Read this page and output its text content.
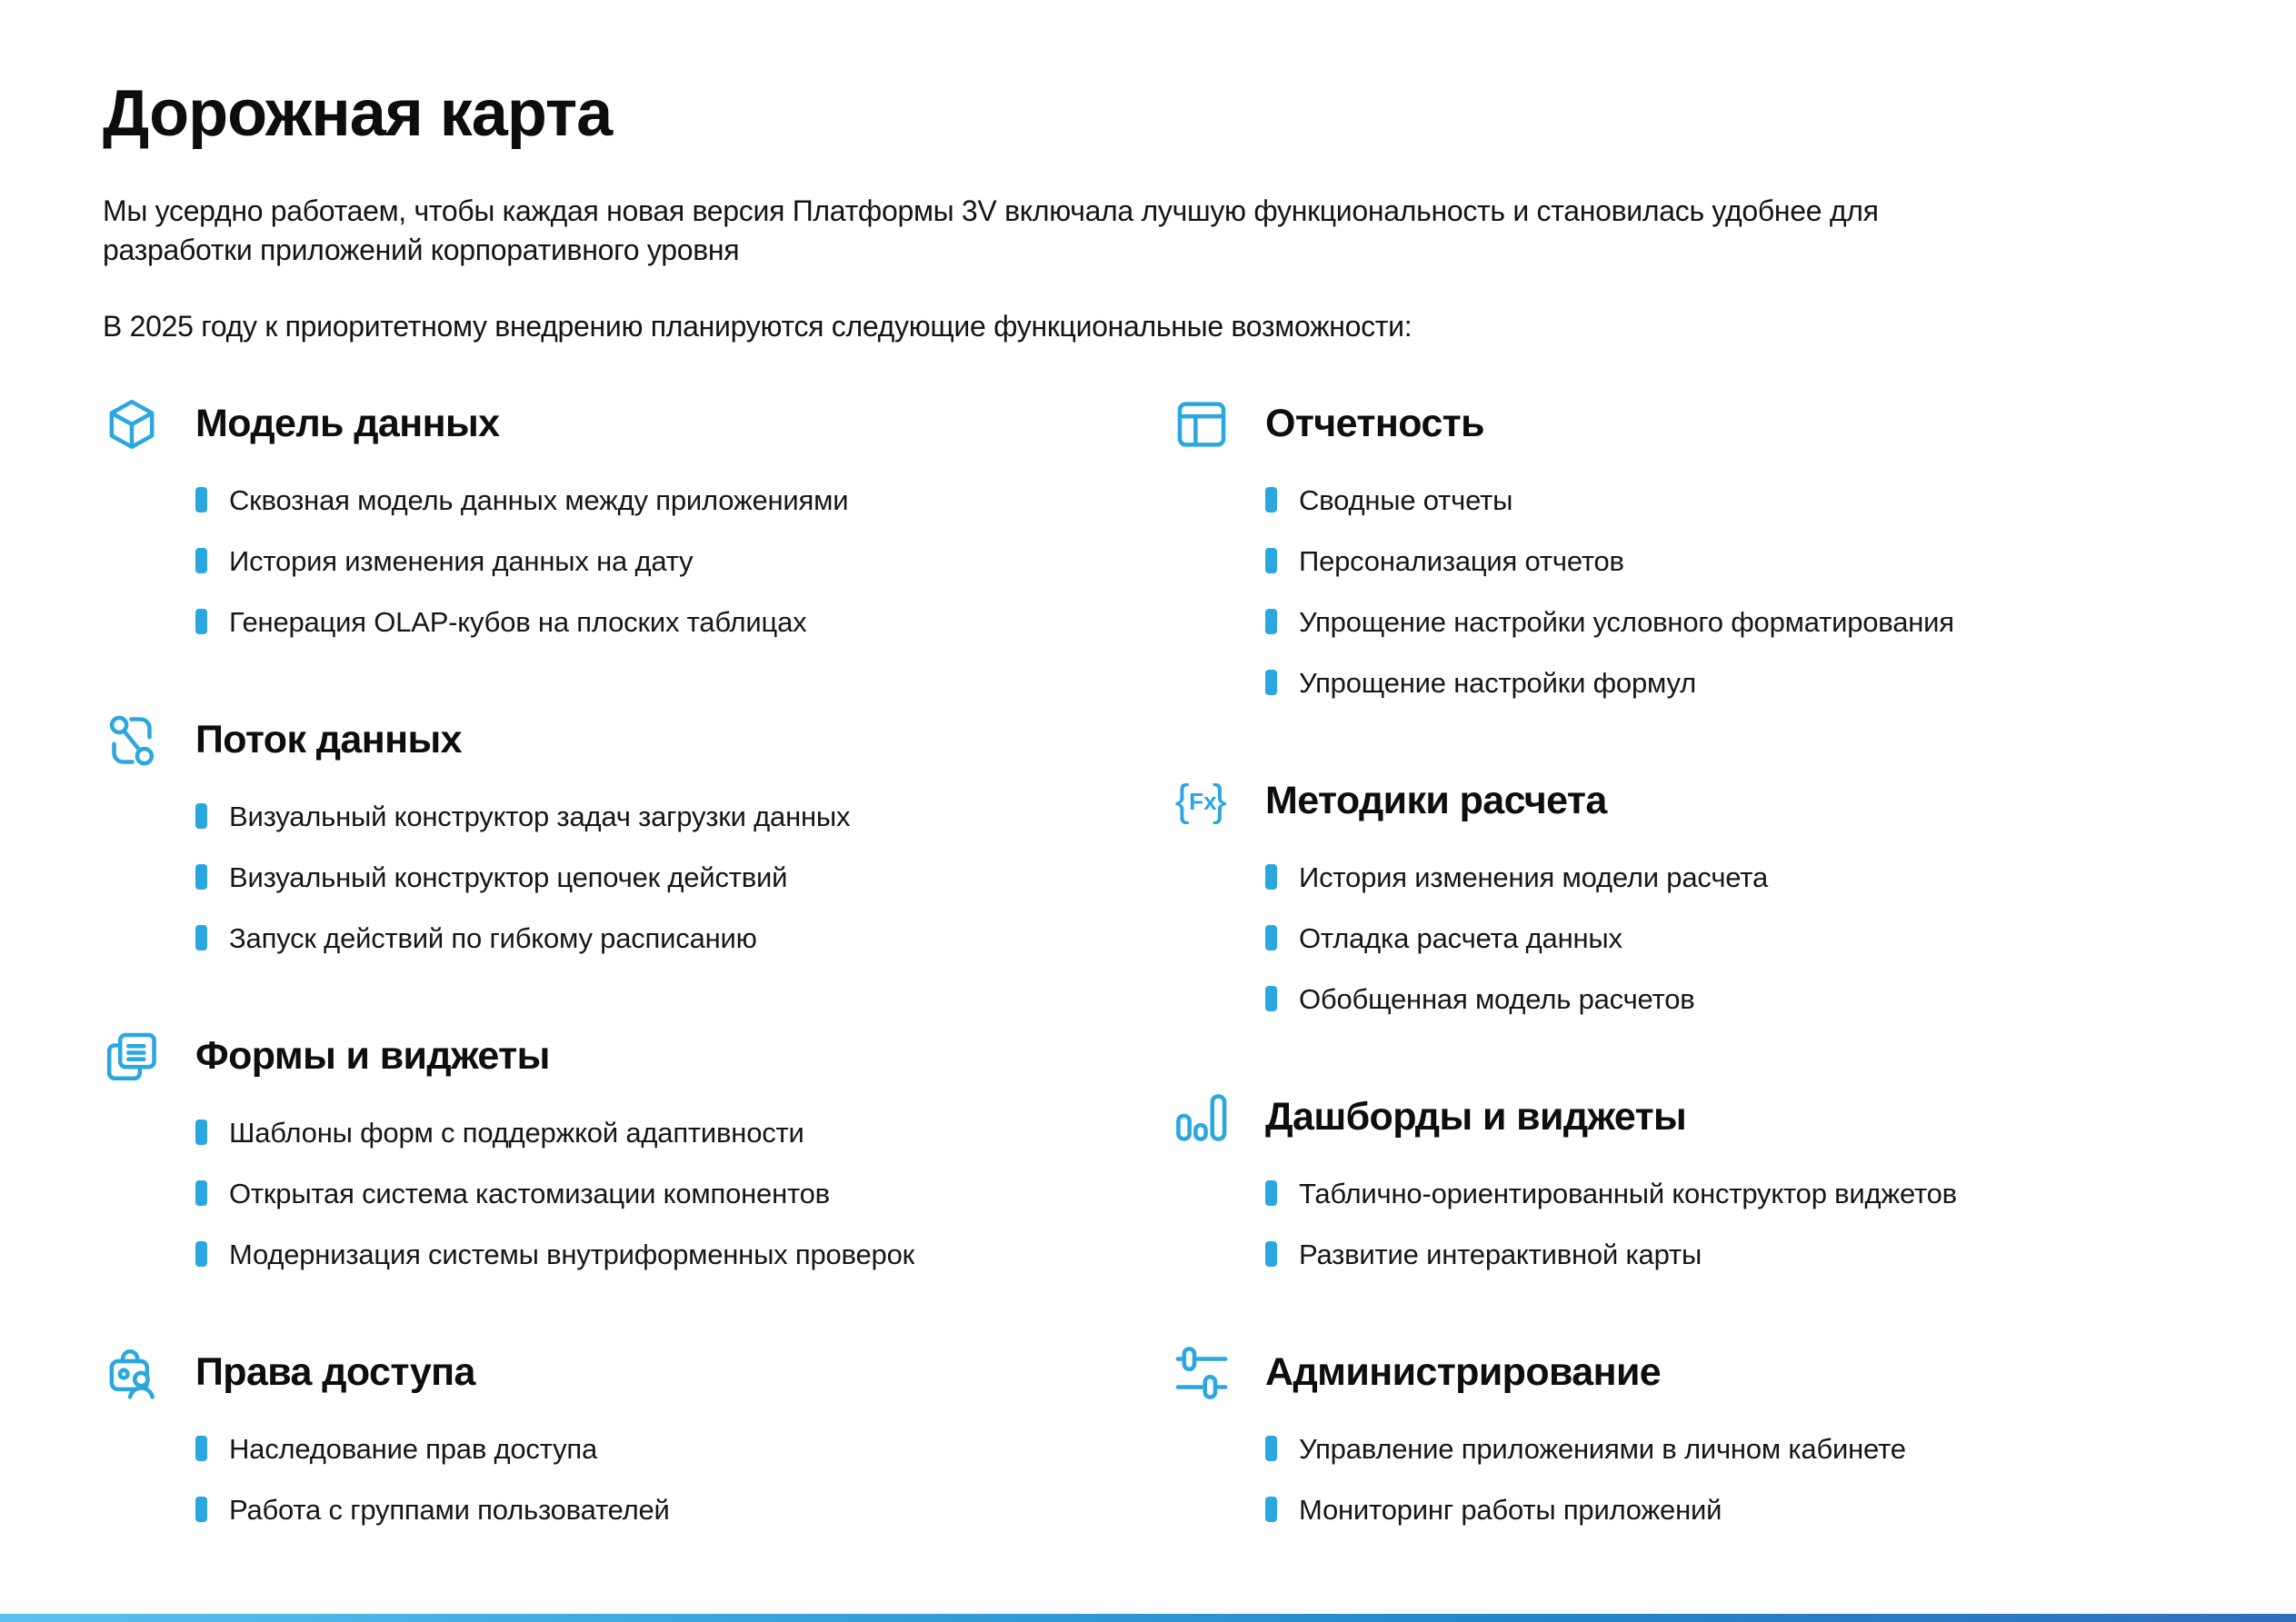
Дорожная карта

Мы усердно работаем, чтобы каждая новая версия Платформы 3V включала лучшую функциональность и становилась удобнее для разработки приложений корпоративного уровня

В 2025 году к приоритетному внедрению планируются следующие функциональные возможности:

Модель данных
Сквозная модель данных между приложениями
История изменения данных на дату
Генерация OLAP-кубов на плоских таблицах
Поток данных
Визуальный конструктор задач загрузки данных
Визуальный конструктор цепочек действий
Запуск действий по гибкому расписанию
Формы и виджеты
Шаблоны форм с поддержкой адаптивности
Открытая система кастомизации компонентов
Модернизация системы внутриформенных проверок
Права доступа
Наследование прав доступа
Работа с группами пользователей
Отчетность
Сводные отчеты
Персонализация отчетов
Упрощение настройки условного форматирования
Упрощение настройки формул
{ }
Fx Методики расчета
История изменения модели расчета
Отладка расчета данных
Обобщенная модель расчетов
Дашборды и виджеты
Таблично-ориентированный конструктор виджетов
Развитие интерактивной карты
Администрирование
Управление приложениями в личном кабинете
Мониторинг работы приложений
